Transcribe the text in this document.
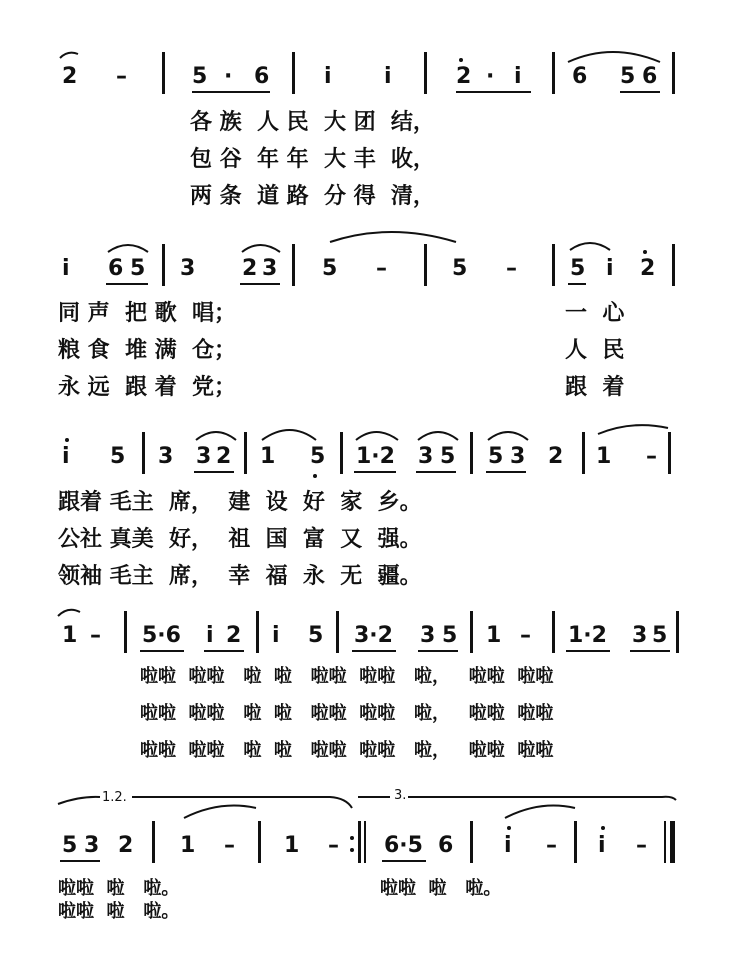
2 –	5 · 6 i i	2 · i 6 5 6
各 族  人 民  大 团  结，
包 谷  年 年  大 丰  收，
两 条  道 路  分 得  清，
i 6 5 3 2 3 5 –	5 – 5 i 2
同 声  把 歌  唱；
粮 食  堆 满  仓；
永 远  跟 着  党；
一  心
人  民
跟  着
i 5 3 3 2 1 5 1·2 3 5 5 3 2 1 –
跟着 毛主  席，  建  设  好  家  乡。
公社 真美  好，  祖  国  富  又  强。
领袖 毛主  席，  幸  福  永  无  疆。
1 – 5·6 i 2 i 5 3·2 3 5 1 – 1·2 3 5
啦啦  啦啦   啦  啦   啦啦  啦啦   啦，   啦啦  啦啦
啦啦  啦啦   啦  啦   啦啦  啦啦   啦，   啦啦  啦啦
啦啦  啦啦   啦  啦   啦啦  啦啦   啦，   啦啦  啦啦
1.2.	3.
5 3 2 1 – 1 – 6·5 6 i – i –
啦啦  啦   啦。
啦啦  啦   啦。
啦啦  啦   啦。
